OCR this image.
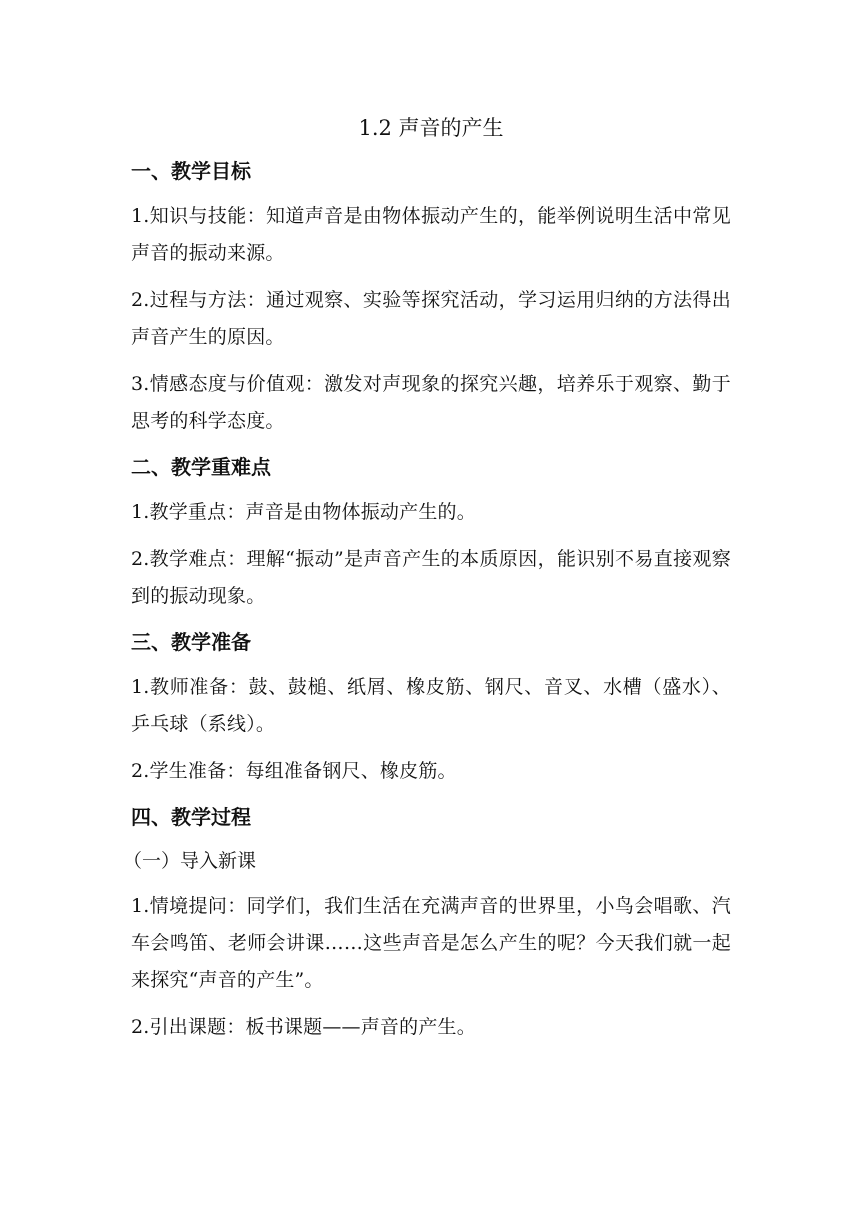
1.2 声音的产生
一、教学目标
1.知识与技能：知道声音是由物体振动产生的，能举例说明生活中常见声音的振动来源。
2.过程与方法：通过观察、实验等探究活动，学习运用归纳的方法得出声音产生的原因。
3.情感态度与价值观：激发对声现象的探究兴趣，培养乐于观察、勤于思考的科学态度。
二、教学重难点
1.教学重点：声音是由物体振动产生的。
2.教学难点：理解“振动”是声音产生的本质原因，能识别不易直接观察到的振动现象。
三、教学准备
1.教师准备：鼓、鼓槌、纸屑、橡皮筋、钢尺、音叉、水槽（盛水）、乒乓球（系线）。
2.学生准备：每组准备钢尺、橡皮筋。
四、教学过程
（一）导入新课
1.情境提问：同学们，我们生活在充满声音的世界里，小鸟会唱歌、汽车会鸣笛、老师会讲课……这些声音是怎么产生的呢？今天我们就一起来探究“声音的产生”。
2.引出课题：板书课题——声音的产生。
